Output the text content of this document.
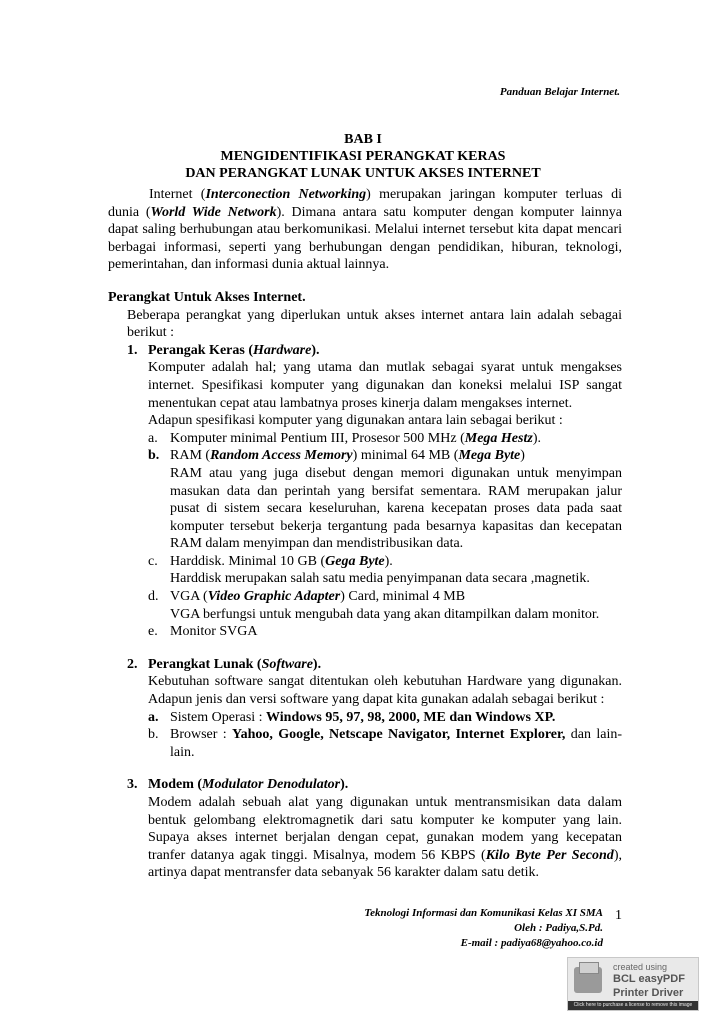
Panduan Belajar Internet.
BAB I
MENGIDENTIFIKASI PERANGKAT KERAS
DAN PERANGKAT LUNAK UNTUK AKSES INTERNET

Internet (Interconection Networking) merupakan jaringan komputer terluas di dunia (World Wide Network). Dimana antara satu komputer dengan komputer lainnya dapat saling berhubungan atau berkomunikasi. Melalui internet tersebut kita dapat mencari berbagai informasi, seperti yang berhubungan dengan pendidikan, hiburan, teknologi, pemerintahan, dan informasi dunia aktual lainnya.

Perangkat Untuk Akses Internet.

Beberapa perangkat yang diperlukan untuk akses internet antara lain adalah sebagai berikut :

1. Perangak Keras (Hardware).

Komputer adalah hal; yang utama dan mutlak sebagai syarat untuk mengakses internet. Spesifikasi komputer yang digunakan dan koneksi melalui ISP sangat menentukan cepat atau lambatnya proses kinerja dalam mengakses internet.

Adapun spesifikasi komputer yang digunakan antara lain sebagai berikut :

a. Komputer minimal Pentium III, Prosesor 500 MHz (Mega Hestz).
b. RAM (Random Access Memory) minimal 64 MB (Mega Byte)

RAM atau yang juga disebut dengan memori digunakan untuk menyimpan masukan data dan perintah yang bersifat sementara. RAM merupakan jalur pusat di sistem secara keseluruhan, karena kecepatan proses data pada saat komputer tersebut bekerja tergantung pada besarnya kapasitas dan kecepatan RAM dalam menyimpan dan mendistribusikan data.

c. Harddisk. Minimal 10 GB (Gega Byte).

Harddisk merupakan salah satu media penyimpanan data secara ,magnetik.

d. VGA (Video Graphic Adapter) Card, minimal 4 MB

VGA berfungsi untuk mengubah data yang akan ditampilkan dalam monitor.

e. Monitor SVGA
2. Perangkat Lunak (Software).

Kebutuhan software sangat ditentukan oleh kebutuhan Hardware yang digunakan. Adapun jenis dan versi software yang dapat kita gunakan adalah sebagai berikut :

a. Sistem Operasi : Windows 95, 97, 98, 2000, ME dan Windows XP.
b. Browser : Yahoo, Google, Netscape Navigator, Internet Explorer, dan lain-lain.
3. Modem (Modulator Denodulator).

Modem adalah sebuah alat yang digunakan untuk mentransmisikan data dalam bentuk gelombang elektromagnetik dari satu komputer ke komputer yang lain. Supaya akses internet berjalan dengan cepat, gunakan modem yang kecepatan tranfer datanya agak tinggi. Misalnya, modem 56 KBPS (Kilo Byte Per Second), artinya dapat mentransfer data sebanyak 56 karakter dalam satu detik.

Teknologi Informasi dan Komunikasi Kelas XI SMA
Oleh : Padiya,S.Pd.
E-mail : padiya68@yahoo.co.id
1
created using
BCL easyPDF
Printer Driver
Click here to purchase a license to remove this image
